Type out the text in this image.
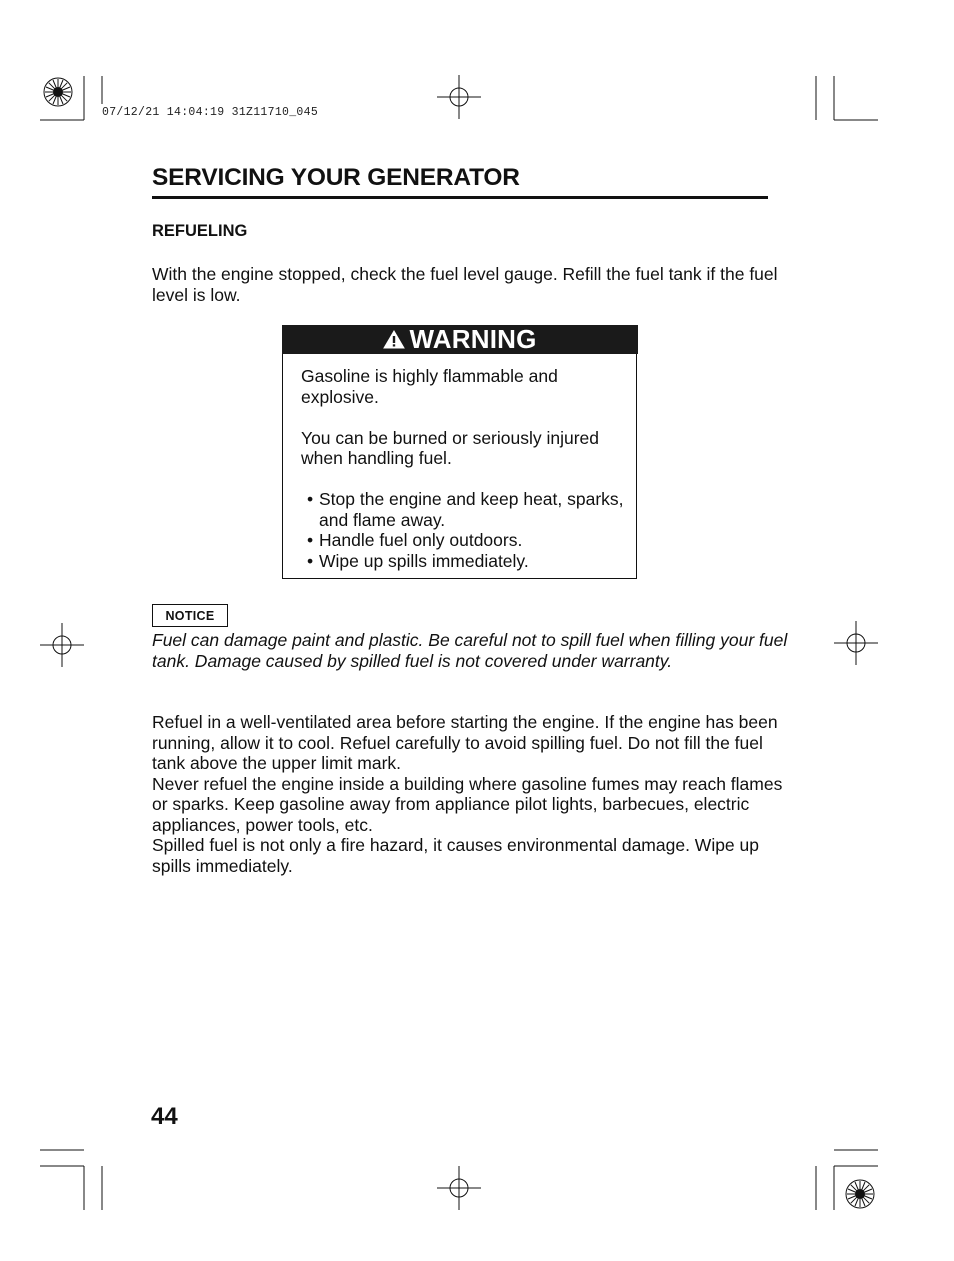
07/12/21 14:04:19 31Z11710_045
SERVICING YOUR GENERATOR
REFUELING

With the engine stopped, check the fuel level gauge. Refill the fuel tank if the fuel level is low.

WARNING

Gasoline is highly flammable and explosive.

You can be burned or seriously injured when handling fuel.

• Stop the engine and keep heat, sparks, and flame away.
• Handle fuel only outdoors.
• Wipe up spills immediately.
NOTICE

Fuel can damage paint and plastic. Be careful not to spill fuel when filling your fuel tank. Damage caused by spilled fuel is not covered under warranty.

Refuel in a well-ventilated area before starting the engine. If the engine has been running, allow it to cool. Refuel carefully to avoid spilling fuel. Do not fill the fuel tank above the upper limit mark.
Never refuel the engine inside a building where gasoline fumes may reach flames or sparks. Keep gasoline away from appliance pilot lights, barbecues, electric appliances, power tools, etc.
Spilled fuel is not only a fire hazard, it causes environmental damage. Wipe up spills immediately.
44
